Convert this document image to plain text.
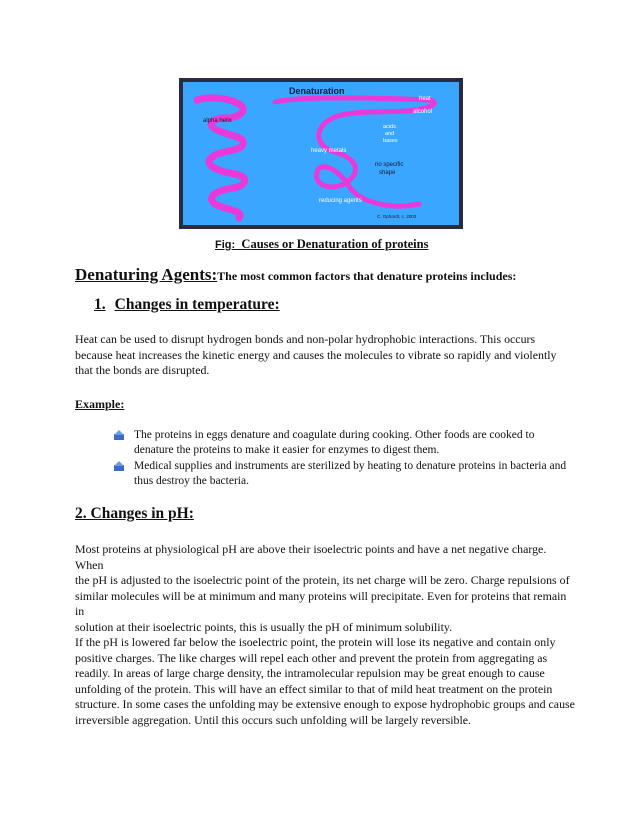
Denaturation
alpha helix
heat
alcohol
acids
and
bases
heavy metals
no specific
shape
reducing agents
C. Ophardt, c. 2003
Fig: Causes or Denaturation of proteins
Denaturing Agents:The most common factors that denature proteins includes:
1. Changes in temperature:
Heat can be used to disrupt hydrogen bonds and non-polar hydrophobic interactions. This occurs because heat increases the kinetic energy and causes the molecules to vibrate so rapidly and violently that the bonds are disrupted.
Example:
The proteins in eggs denature and coagulate during cooking. Other foods are cooked to denature the proteins to make it easier for enzymes to digest them.
Medical supplies and instruments are sterilized by heating to denature proteins in bacteria and thus destroy the bacteria.
2. Changes in pH:
Most proteins at physiological pH are above their isoelectric points and have a net negative charge. When
the pH is adjusted to the isoelectric point of the protein, its net charge will be zero. Charge repulsions of
similar molecules will be at minimum and many proteins will precipitate. Even for proteins that remain in
solution at their isoelectric points, this is usually the pH of minimum solubility.
If the pH is lowered far below the isoelectric point, the protein will lose its negative and contain only
positive charges. The like charges will repel each other and prevent the protein from aggregating as
readily. In areas of large charge density, the intramolecular repulsion may be great enough to cause
unfolding of the protein. This will have an effect similar to that of mild heat treatment on the protein
structure. In some cases the unfolding may be extensive enough to expose hydrophobic groups and cause
irreversible aggregation. Until this occurs such unfolding will be largely reversible.
